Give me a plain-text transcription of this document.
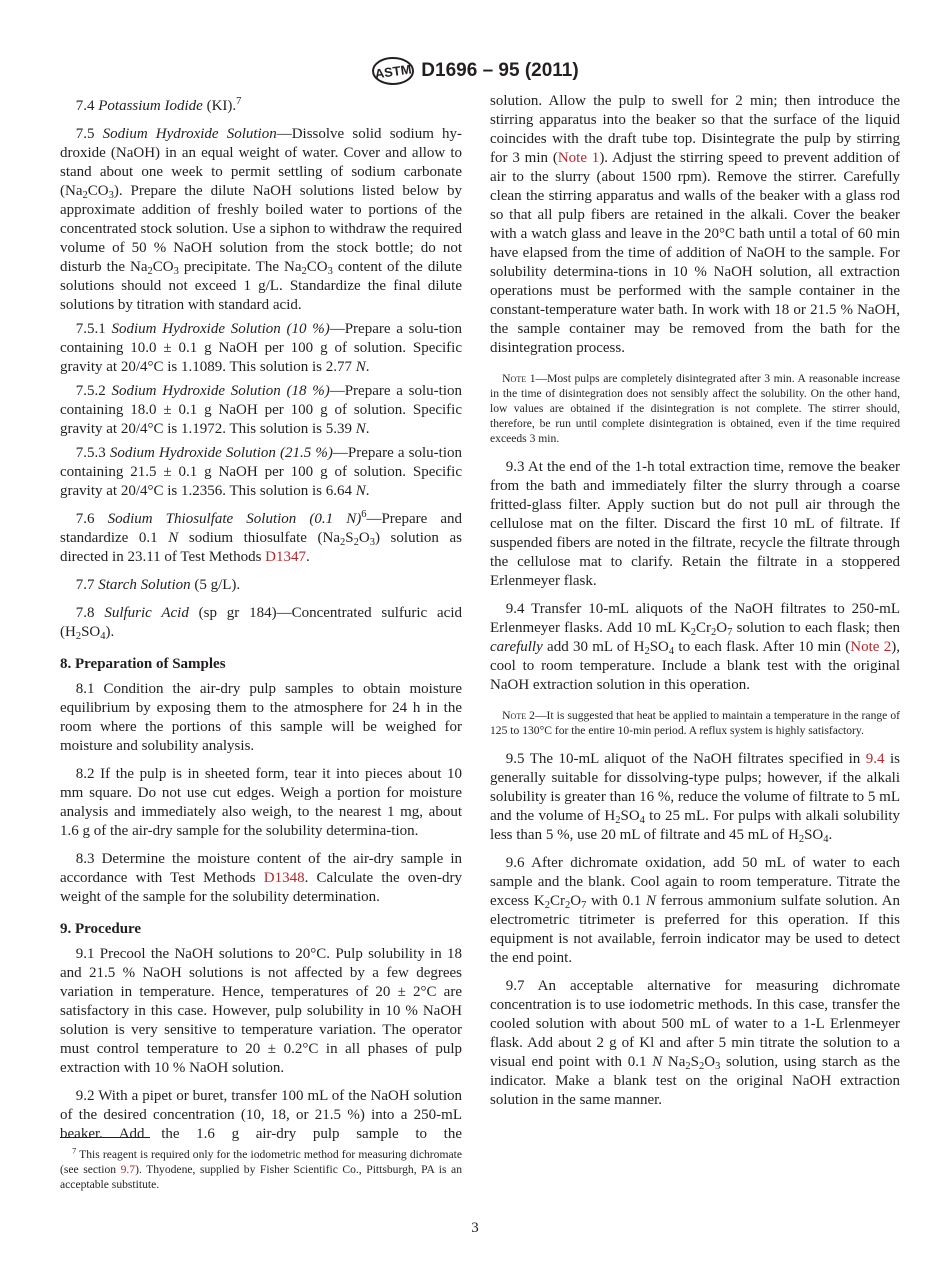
ASTM D1696 – 95 (2011)

7.4 Potassium Iodide (KI).$^7$

7.5 Sodium Hydroxide Solution—Dissolve solid sodium hy-droxide (NaOH) in an equal weight of water. Cover and allow to stand about one week to permit settling of sodium carbonate $(Na_2CO_3)$. Prepare the dilute NaOH solutions listed below by approximate addition of freshly boiled water to portions of the concentrated stock solution. Use a siphon to withdraw the required volume of 50 % NaOH solution from the stock bottle; do not disturb the $Na_2CO_3$ precipitate. The $Na_2CO_3$ content of the dilute solutions should not exceed 1 g/L. Standardize the final dilute solutions by titration with standard acid.

7.5.1 Sodium Hydroxide Solution (10 %)—Prepare a solu-tion containing 10.0 ± 0.1 g NaOH per 100 g of solution. Specific gravity at 20/4°C is 1.1089. This solution is 2.77 N.

7.5.2 Sodium Hydroxide Solution (18 %)—Prepare a solu-tion containing 18.0 ± 0.1 g NaOH per 100 g of solution. Specific gravity at 20/4°C is 1.1972. This solution is 5.39 N.

7.5.3 Sodium Hydroxide Solution (21.5 %)—Prepare a solu-tion containing 21.5 ± 0.1 g NaOH per 100 g of solution. Specific gravity at 20/4°C is 1.2356. This solution is 6.64 N.

7.6 Sodium Thiosulfate Solution (0.1 N)$^6$—Prepare and standardize 0.1 N sodium thiosulfate $(Na_2S_2O_3)$ solution as directed in 23.11 of Test Methods D1347.

7.7 Starch Solution (5 g/L).

7.8 Sulfuric Acid (sp gr 184)—Concentrated sulfuric acid $(H_2SO_4)$.

8. Preparation of Samples

8.1 Condition the air-dry pulp samples to obtain moisture equilibrium by exposing them to the atmosphere for 24 h in the room where the portions of this sample will be weighed for moisture and solubility analysis.

8.2 If the pulp is in sheeted form, tear it into pieces about 10 mm square. Do not use cut edges. Weigh a portion for moisture analysis and immediately also weigh, to the nearest 1 mg, about 1.6 g of the air-dry sample for the solubility determina-tion.

8.3 Determine the moisture content of the air-dry sample in accordance with Test Methods D1348. Calculate the oven-dry weight of the sample for the solubility determination.

9. Procedure

9.1 Precool the NaOH solutions to 20°C. Pulp solubility in 18 and 21.5 % NaOH solutions is not affected by a few degrees variation in temperature. Hence, temperatures of 20 ± 2°C are satisfactory in this case. However, pulp solubility in 10 % NaOH solution is very sensitive to temperature variation. The operator must control temperature to 20 ± 0.2°C in all phases of pulp extraction with 10 % NaOH solution.

9.2 With a pipet or buret, transfer 100 mL of the NaOH solution of the desired concentration (10, 18, or 21.5 %) into a 250-mL beaker. Add the 1.6 g air-dry pulp sample to the

solution. Allow the pulp to swell for 2 min; then introduce the stirring apparatus into the beaker so that the surface of the liquid coincides with the draft tube top. Disintegrate the pulp by stirring for 3 min (Note 1). Adjust the stirring speed to prevent addition of air to the slurry (about 1500 rpm). Remove the stirrer. Carefully clean the stirring apparatus and walls of the beaker with a glass rod so that all pulp fibers are retained in the alkali. Cover the beaker with a watch glass and leave in the 20°C bath until a total of 60 min have elapsed from the time of addition of NaOH to the sample. For solubility determina-tions in 10 % NaOH solution, all extraction operations must be performed with the sample container in the constant-temperature water bath. In work with 18 or 21.5 % NaOH, the sample container may be removed from the bath for the disintegration process.

Note 1—Most pulps are completely disintegrated after 3 min. A reasonable increase in the time of disintegration does not sensibly affect the solubility. On the other hand, low values are obtained if the disintegration is not complete. The stirrer should, therefore, be run until complete disintegration is obtained, even if the time required exceeds 3 min.

9.3 At the end of the 1-h total extraction time, remove the beaker from the bath and immediately filter the slurry through a coarse fritted-glass filter. Apply suction but do not pull air through the cellulose mat on the filter. Discard the first 10 mL of filtrate. If suspended fibers are noted in the filtrate, recycle the filtrate through the cellulose mat to clarify. Retain the filtrate in a stoppered Erlenmeyer flask.

9.4 Transfer 10-mL aliquots of the NaOH filtrates to 250-mL Erlenmeyer flasks. Add 10 mL $K_2Cr_2O_7$ solution to each flask; then carefully add 30 mL of $H_2SO_4$ to each flask. After 10 min (Note 2), cool to room temperature. Include a blank test with the original NaOH extraction solution in this operation.

Note 2—It is suggested that heat be applied to maintain a temperature in the range of 125 to 130°C for the entire 10-min period. A reflux system is highly satisfactory.

9.5 The 10-mL aliquot of the NaOH filtrates specified in 9.4 is generally suitable for dissolving-type pulps; however, if the alkali solubility is greater than 16 %, reduce the volume of filtrate to 5 mL and the volume of $H_2SO_4$ to 25 mL. For pulps with alkali solubility less than 5 %, use 20 mL of filtrate and 45 mL of $H_2SO_4$.

9.6 After dichromate oxidation, add 50 mL of water to each sample and the blank. Cool again to room temperature. Titrate the excess $K_2Cr_2O_7$ with 0.1 N ferrous ammonium sulfate solution. An electrometric titrimeter is preferred for this operation. If this equipment is not available, ferroin indicator may be used to detect the end point.

9.7 An acceptable alternative for measuring dichromate concentration is to use iodometric methods. In this case, transfer the cooled solution with about 500 mL of water to a 1-L Erlenmeyer flask. Add about 2 g of Kl and after 5 min titrate the solution to a visual end point with 0.1 N $Na_2S_2O_3$ solution, using starch as the indicator. Make a blank test on the original NaOH extraction solution in the same manner.

$^7$ This reagent is required only for the iodometric method for measuring dichromate (see section 9.7). Thyodene, supplied by Fisher Scientific Co., Pittsburgh, PA is an acceptable substitute.

3
